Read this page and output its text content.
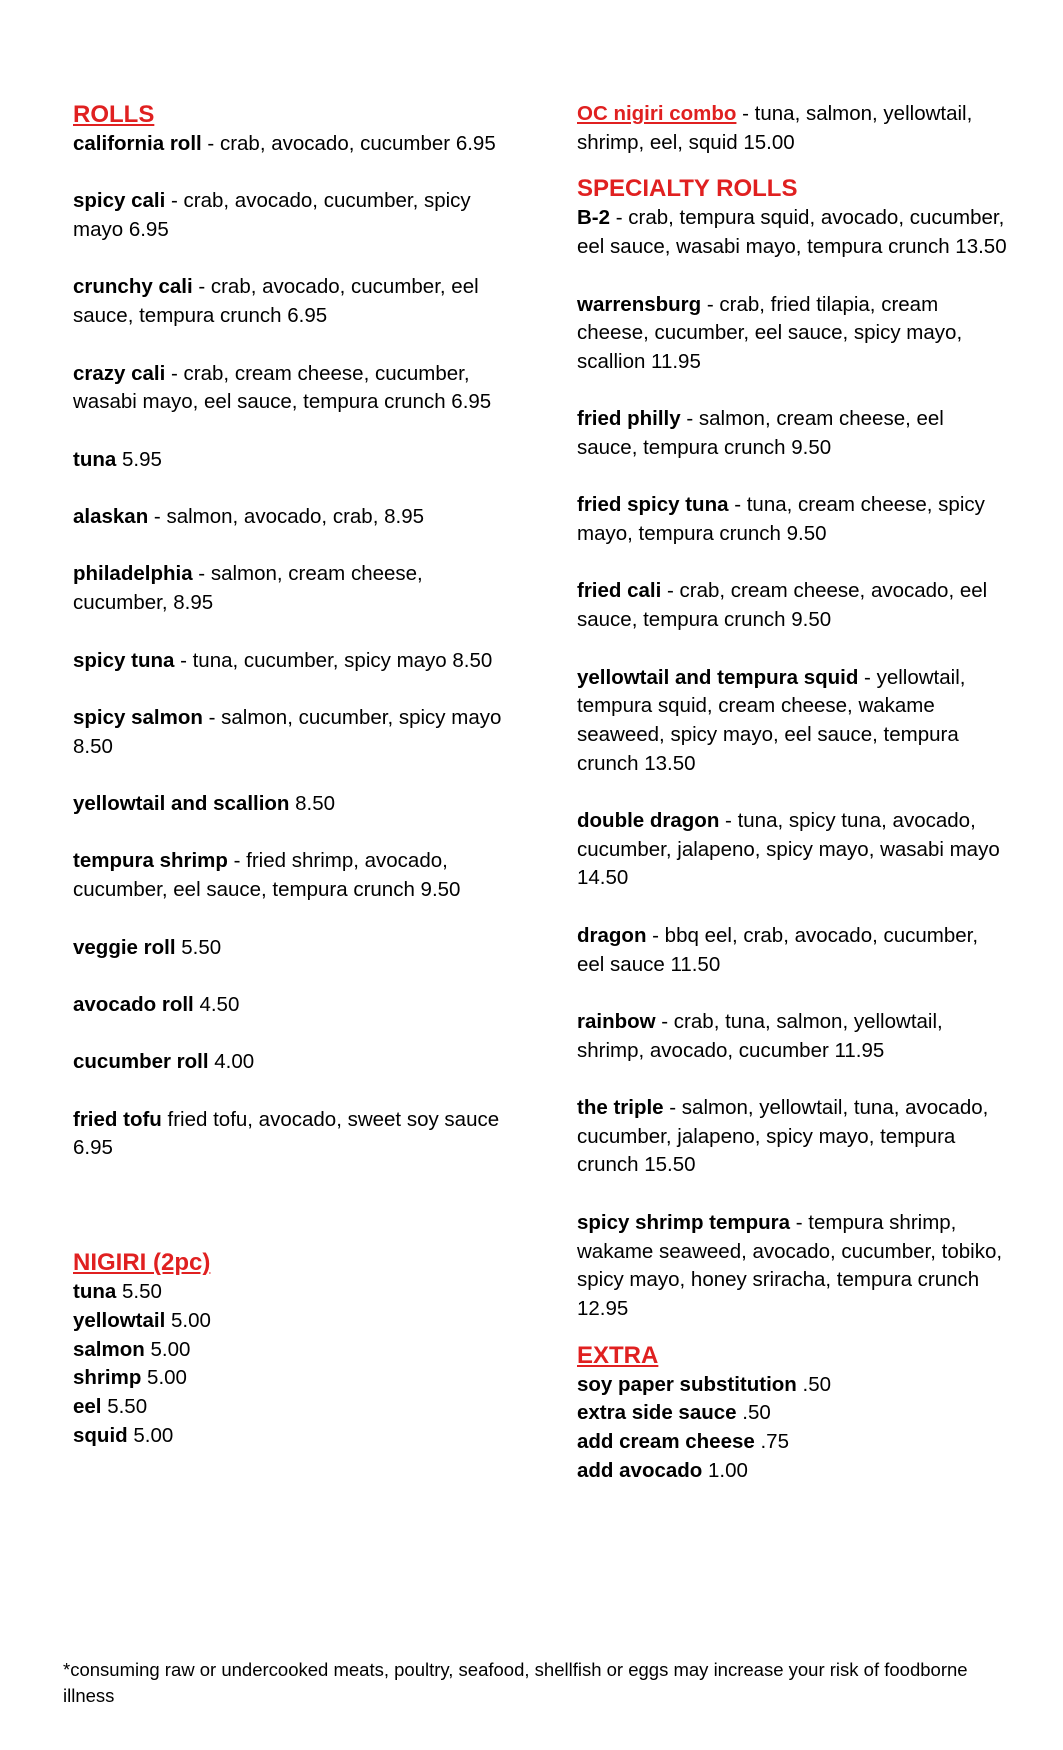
ROLLS

california roll - crab, avocado, cucumber 6.95

spicy cali - crab, avocado, cucumber, spicy mayo 6.95

crunchy cali - crab, avocado, cucumber, eel sauce, tempura crunch 6.95

crazy cali - crab, cream cheese, cucumber, wasabi mayo, eel sauce, tempura crunch 6.95

tuna 5.95

alaskan - salmon, avocado, crab, 8.95

philadelphia - salmon, cream cheese, cucumber, 8.95

spicy tuna - tuna, cucumber, spicy mayo 8.50

spicy salmon - salmon, cucumber, spicy mayo 8.50

yellowtail and scallion 8.50

tempura shrimp - fried shrimp, avocado, cucumber, eel sauce, tempura crunch 9.50

veggie roll 5.50

avocado roll 4.50

cucumber roll 4.00

fried tofu fried tofu, avocado, sweet soy sauce 6.95

NIGIRI (2pc)

tuna 5.50

yellowtail 5.00

salmon 5.00

shrimp 5.00

eel 5.50

squid 5.00

OC nigiri combo - tuna, salmon, yellowtail, shrimp, eel, squid 15.00

SPECIALTY ROLLS

B-2 - crab, tempura squid, avocado, cucumber, eel sauce, wasabi mayo, tempura crunch 13.50

warrensburg - crab, fried tilapia, cream cheese, cucumber, eel sauce, spicy mayo, scallion 11.95

fried philly - salmon, cream cheese, eel sauce, tempura crunch 9.50

fried spicy tuna - tuna, cream cheese, spicy mayo, tempura crunch 9.50

fried cali - crab, cream cheese, avocado, eel sauce, tempura crunch 9.50

yellowtail and tempura squid - yellowtail, tempura squid, cream cheese, wakame seaweed, spicy mayo, eel sauce, tempura crunch 13.50

double dragon - tuna, spicy tuna, avocado, cucumber, jalapeno, spicy mayo, wasabi mayo 14.50

dragon - bbq eel, crab, avocado, cucumber, eel sauce 11.50

rainbow - crab, tuna, salmon, yellowtail, shrimp, avocado, cucumber 11.95

the triple - salmon, yellowtail, tuna, avocado, cucumber, jalapeno, spicy mayo, tempura crunch 15.50

spicy shrimp tempura - tempura shrimp, wakame seaweed, avocado, cucumber, tobiko, spicy mayo, honey sriracha, tempura crunch 12.95

EXTRA

soy paper substitution .50

extra side sauce .50

add cream cheese .75

add avocado 1.00

*consuming raw or undercooked meats, poultry, seafood, shellfish or eggs may increase your risk of foodborne illness
